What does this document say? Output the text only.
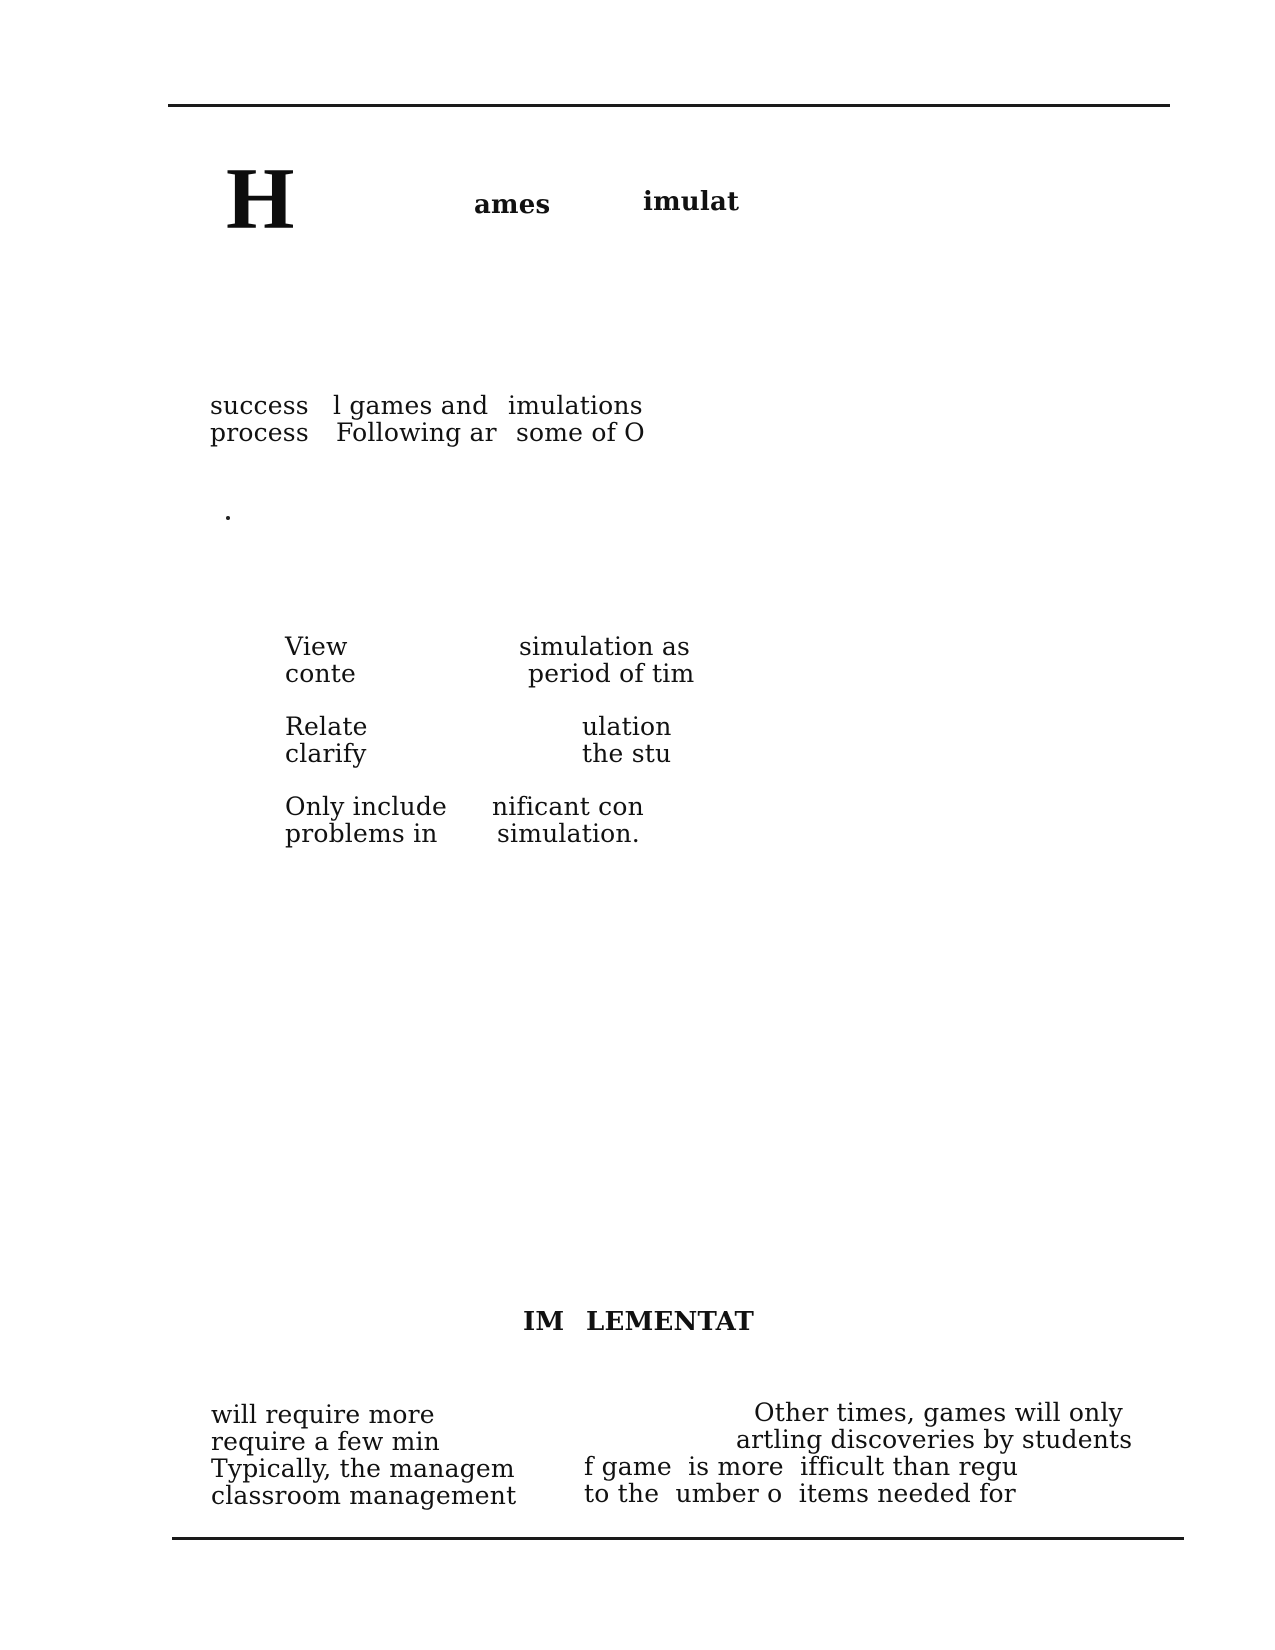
H	ames	imulat
success
process
l games and
Following ar
imulations
some of O
View
conte
simulation as
period of tim
Relate
clarify
ulation
the stu
Only include
problems in
nificant con
simulation.
IM LEMENTAT
will require more
require a few min
Typically, the managem
classroom management
Other times, games will only
artling discoveries by students
f game  is more  ifficult than regu
to the  umber o  items needed for
